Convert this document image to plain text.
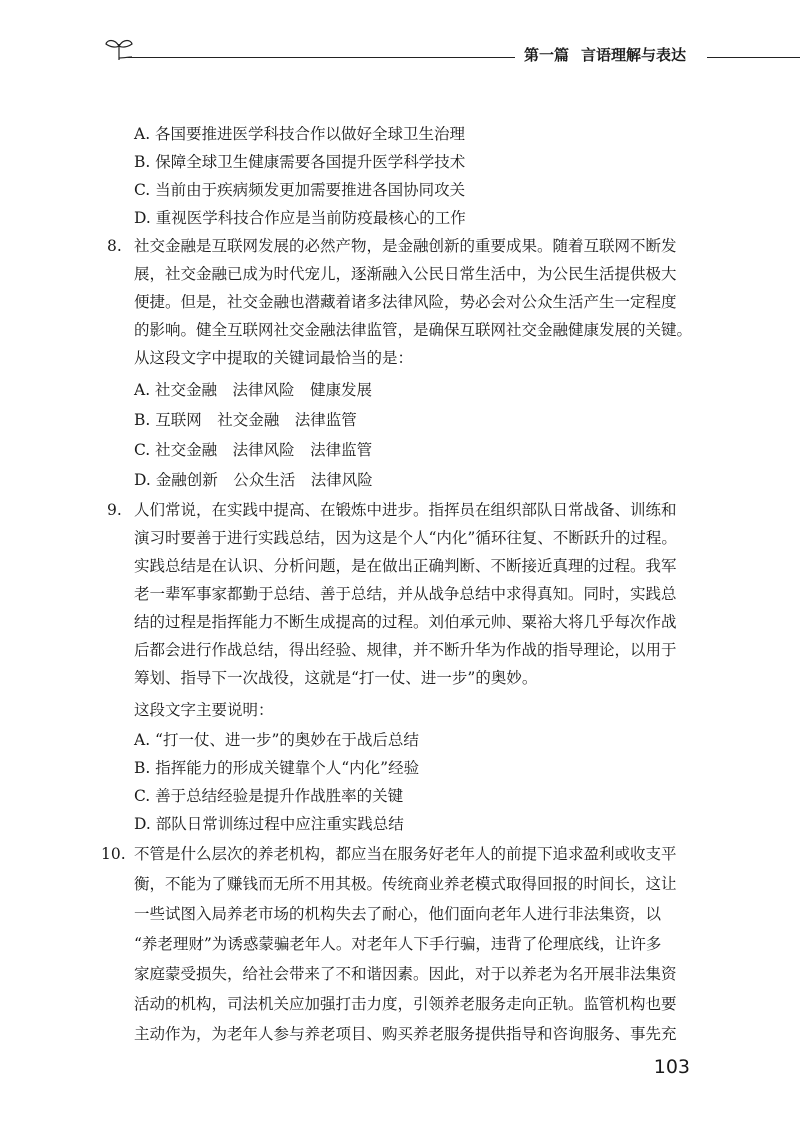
第一篇 言语理解与表达
A. 各国要推进医学科技合作以做好全球卫生治理
B. 保障全球卫生健康需要各国提升医学科学技术
C. 当前由于疾病频发更加需要推进各国协同攻关
D. 重视医学科技合作应是当前防疫最核心的工作
8. 社交金融是互联网发展的必然产物，是金融创新的重要成果。随着互联网不断发
展，社交金融已成为时代宠儿，逐渐融入公民日常生活中，为公民生活提供极大
便捷。但是，社交金融也潜藏着诸多法律风险，势必会对公众生活产生一定程度
的影响。健全互联网社交金融法律监管，是确保互联网社交金融健康发展的关键。
从这段文字中提取的关键词最恰当的是：
A. 社交金融　法律风险　健康发展
B. 互联网　社交金融　法律监管
C. 社交金融　法律风险　法律监管
D. 金融创新　公众生活　法律风险
9. 人们常说，在实践中提高、在锻炼中进步。指挥员在组织部队日常战备、训练和
演习时要善于进行实践总结，因为这是个人“内化”循环往复、不断跃升的过程。
实践总结是在认识、分析问题，是在做出正确判断、不断接近真理的过程。我军
老一辈军事家都勤于总结、善于总结，并从战争总结中求得真知。同时，实践总
结的过程是指挥能力不断生成提高的过程。刘伯承元帅、粟裕大将几乎每次作战
后都会进行作战总结，得出经验、规律，并不断升华为作战的指导理论，以用于
筹划、指导下一次战役，这就是“打一仗、进一步”的奥妙。
这段文字主要说明：
A. “打一仗、进一步”的奥妙在于战后总结
B. 指挥能力的形成关键靠个人“内化”经验
C. 善于总结经验是提升作战胜率的关键
D. 部队日常训练过程中应注重实践总结
10. 不管是什么层次的养老机构，都应当在服务好老年人的前提下追求盈利或收支平
衡，不能为了赚钱而无所不用其极。传统商业养老模式取得回报的时间长，这让
一些试图入局养老市场的机构失去了耐心，他们面向老年人进行非法集资，以
“养老理财”为诱惑蒙骗老年人。对老年人下手行骗，违背了伦理底线，让许多
家庭蒙受损失，给社会带来了不和谐因素。因此，对于以养老为名开展非法集资
活动的机构，司法机关应加强打击力度，引领养老服务走向正轨。监管机构也要
主动作为，为老年人参与养老项目、购买养老服务提供指导和咨询服务、事先充
103
